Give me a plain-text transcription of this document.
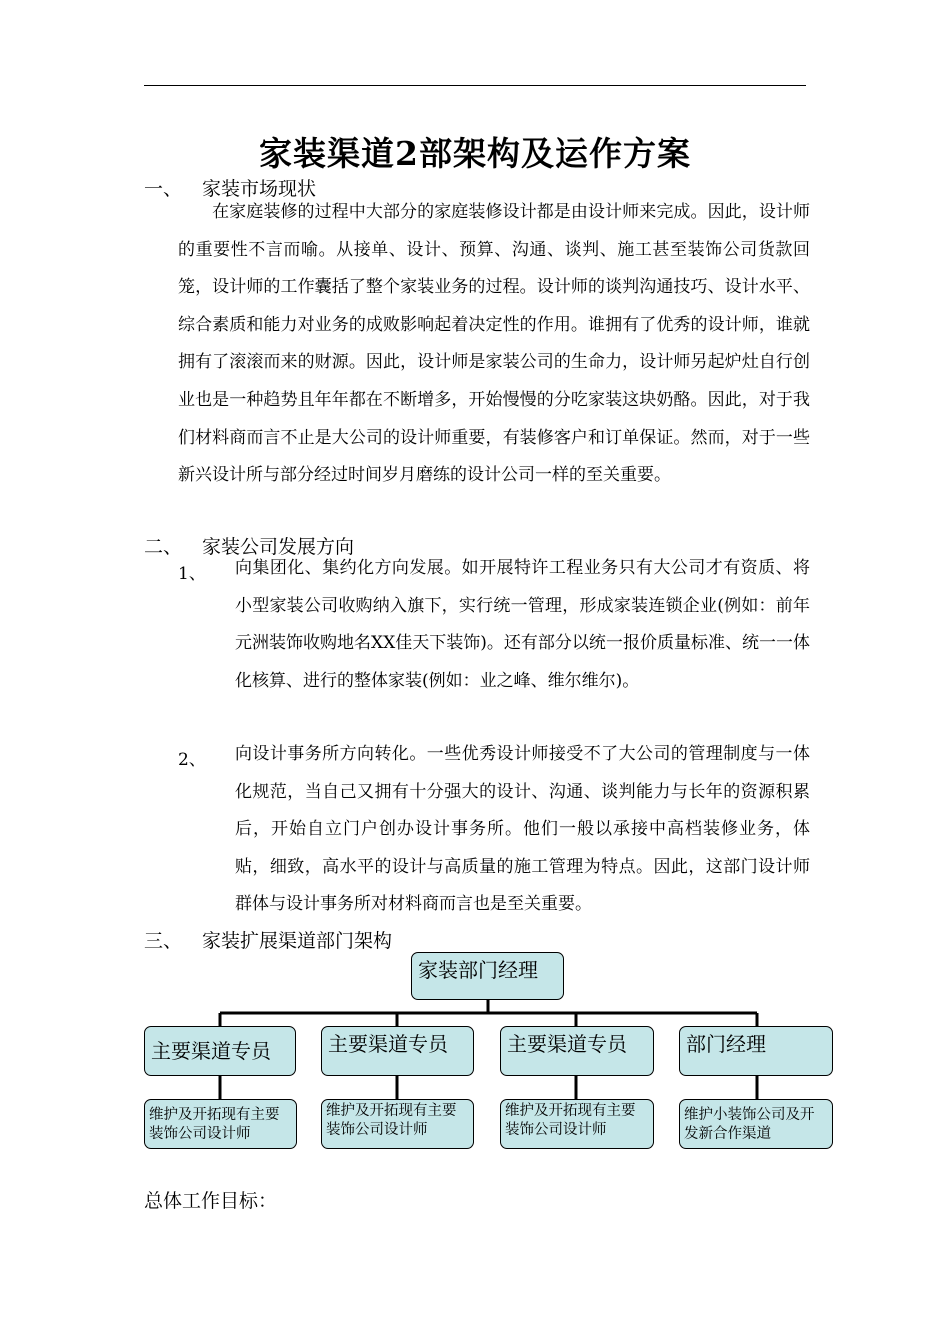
家装渠道2部架构及运作方案
一、 家装市场现状
在家庭装修的过程中大部分的家庭装修设计都是由设计师来完成。因此，设计师的重要性不言而喻。从接单、设计、预算、沟通、谈判、施工甚至装饰公司货款回笼，设计师的工作囊括了整个家装业务的过程。设计师的谈判沟通技巧、设计水平、综合素质和能力对业务的成败影响起着决定性的作用。谁拥有了优秀的设计师，谁就拥有了滚滚而来的财源。因此，设计师是家装公司的生命力，设计师另起炉灶自行创业也是一种趋势且年年都在不断增多，开始慢慢的分吃家装这块奶酪。因此，对于我们材料商而言不止是大公司的设计师重要，有装修客户和订单保证。然而，对于一些新兴设计所与部分经过时间岁月磨练的设计公司一样的至关重要。
二、 家装公司发展方向
1、 向集团化、集约化方向发展。如开展特许工程业务只有大公司才有资质、将小型家装公司收购纳入旗下，实行统一管理，形成家装连锁企业(例如：前年元洲装饰收购地名XX佳天下装饰)。还有部分以统一报价质量标准、统一一体化核算、进行的整体家装(例如：业之峰、维尔维尔)。
2、 向设计事务所方向转化。一些优秀设计师接受不了大公司的管理制度与一体化规范，当自己又拥有十分强大的设计、沟通、谈判能力与长年的资源积累后，开始自立门户创办设计事务所。他们一般以承接中高档装修业务，体贴，细致，高水平的设计与高质量的施工管理为特点。因此，这部门设计师群体与设计事务所对材料商而言也是至关重要。
三、 家装扩展渠道部门架构
家装部门经理
主要渠道专员	主要渠道专员	主要渠道专员	部门经理
维护及开拓现有主要装饰公司设计师
维护及开拓现有主要装饰公司设计师
维护及开拓现有主要装饰公司设计师
维护小装饰公司及开发新合作渠道
总体工作目标：
